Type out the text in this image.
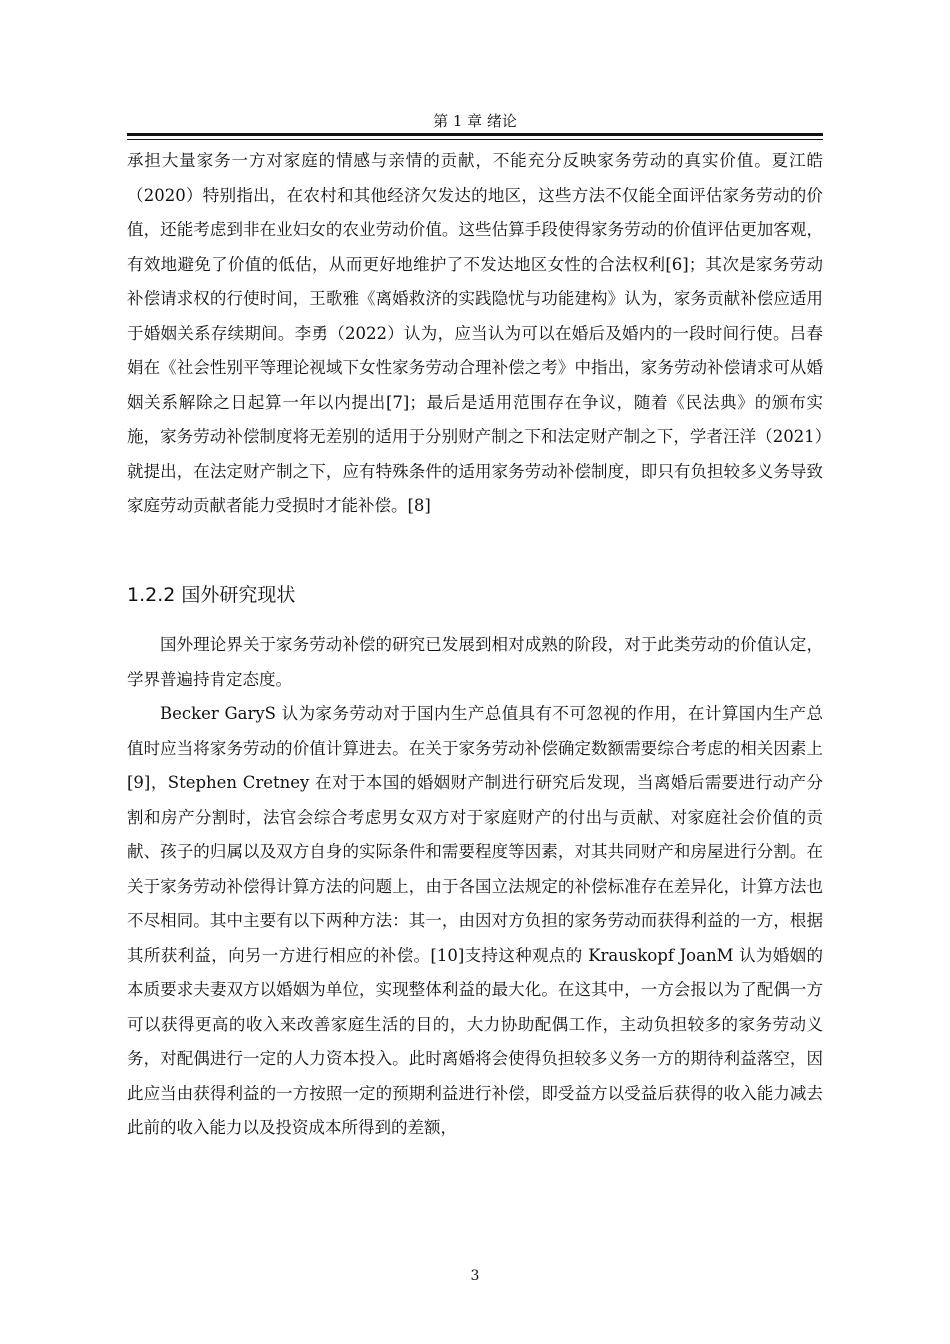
第 1 章 绪论

承担大量家务一方对家庭的情感与亲情的贡献，不能充分反映家务劳动的真实价值。夏江皓（2020）特别指出，在农村和其他经济欠发达的地区，这些方法不仅能全面评估家务劳动的价值，还能考虑到非在业妇女的农业劳动价值。这些估算手段使得家务劳动的价值评估更加客观，有效地避免了价值的低估，从而更好地维护了不发达地区女性的合法权利[6]；其次是家务劳动补偿请求权的行使时间，王歌雅《离婚救济的实践隐忧与功能建构》认为，家务贡献补偿应适用于婚姻关系存续期间。李勇（2022）认为，应当认为可以在婚后及婚内的一段时间行使。吕春娟在《社会性别平等理论视域下女性家务劳动合理补偿之考》中指出，家务劳动补偿请求可从婚姻关系解除之日起算一年以内提出[7]；最后是适用范围存在争议，随着《民法典》的颁布实施，家务劳动补偿制度将无差别的适用于分别财产制之下和法定财产制之下，学者汪洋（2021）就提出，在法定财产制之下，应有特殊条件的适用家务劳动补偿制度，即只有负担较多义务导致家庭劳动贡献者能力受损时才能补偿。[8]

1.2.2 国外研究现状

国外理论界关于家务劳动补偿的研究已发展到相对成熟的阶段，对于此类劳动的价值认定，学界普遍持肯定态度。

Becker GaryS 认为家务劳动对于国内生产总值具有不可忽视的作用，在计算国内生产总值时应当将家务劳动的价值计算进去。在关于家务劳动补偿确定数额需要综合考虑的相关因素上[9]，Stephen Cretney 在对于本国的婚姻财产制进行研究后发现，当离婚后需要进行动产分割和房产分割时，法官会综合考虑男女双方对于家庭财产的付出与贡献、对家庭社会价值的贡献、孩子的归属以及双方自身的实际条件和需要程度等因素，对其共同财产和房屋进行分割。在关于家务劳动补偿得计算方法的问题上，由于各国立法规定的补偿标准存在差异化，计算方法也不尽相同。其中主要有以下两种方法：其一，由因对方负担的家务劳动而获得利益的一方，根据其所获利益，向另一方进行相应的补偿。[10]支持这种观点的 Krauskopf JoanM 认为婚姻的本质要求夫妻双方以婚姻为单位，实现整体利益的最大化。在这其中，一方会报以为了配偶一方可以获得更高的收入来改善家庭生活的目的，大力协助配偶工作，主动负担较多的家务劳动义务，对配偶进行一定的人力资本投入。此时离婚将会使得负担较多义务一方的期待利益落空，因此应当由获得利益的一方按照一定的预期利益进行补偿，即受益方以受益后获得的收入能力减去此前的收入能力以及投资成本所得到的差额，

3
